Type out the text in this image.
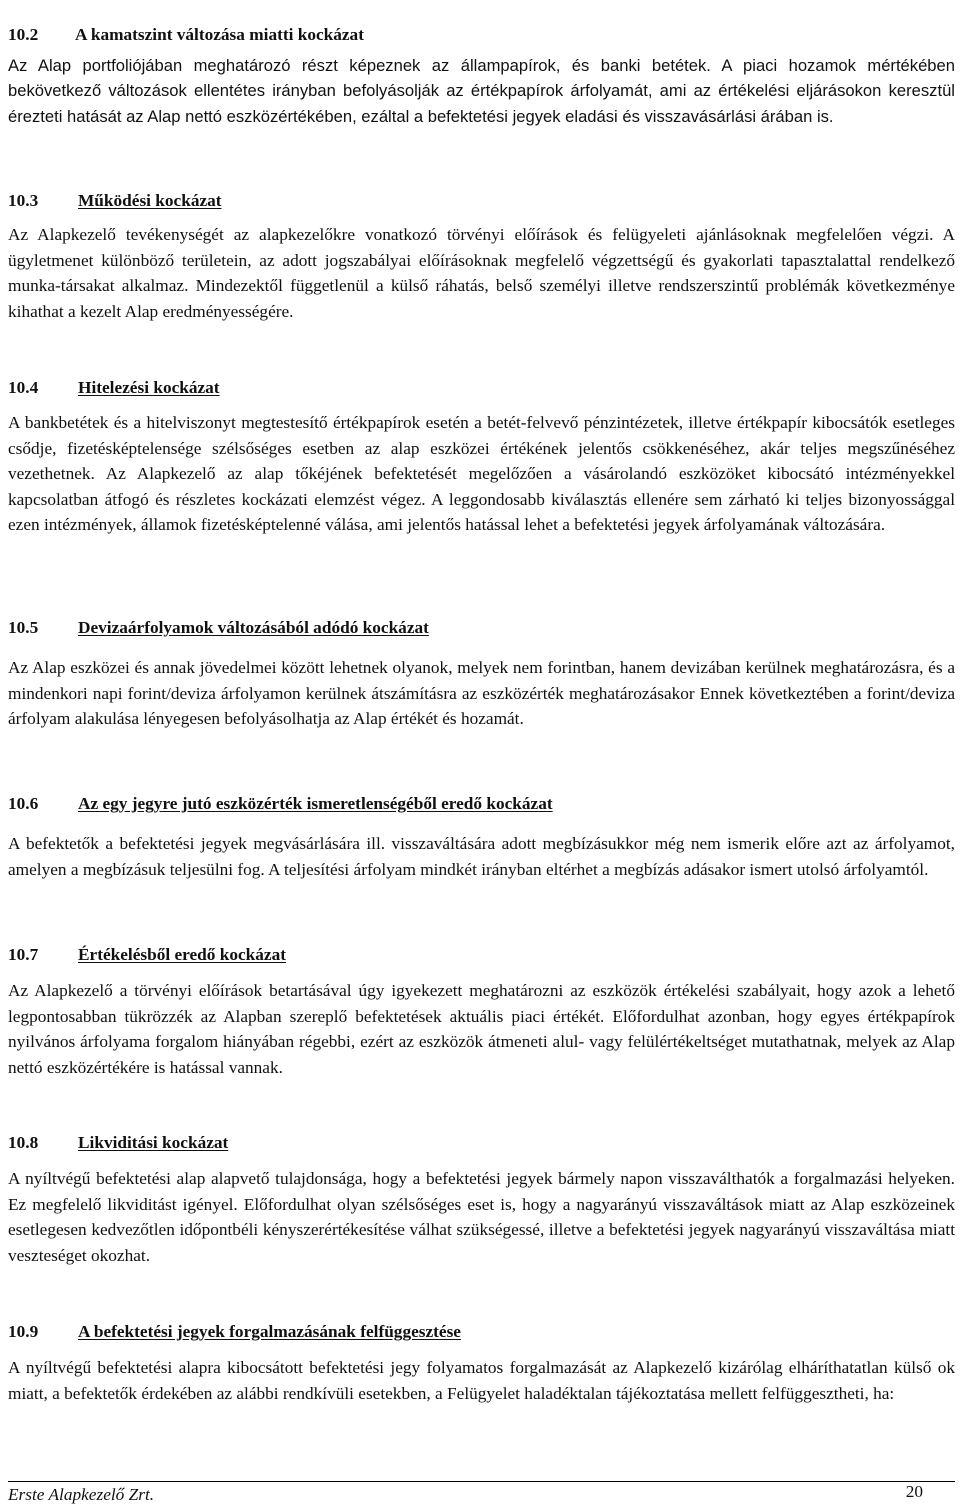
10.2 A kamatszint változása miatti kockázat

Az Alap portfoliójában meghatározó részt képeznek az állampapírok, és banki betétek. A piaci hozamok mértékében bekövetkező változások ellentétes irányban befolyásolják az értékpapírok árfolyamát, ami az értékelési eljárásokon keresztül érezteti hatását az Alap nettó eszközértékében, ezáltal a befektetési jegyek eladási és visszavásárlási árában is.

10.3 Működési kockázat

Az Alapkezelő tevékenységét az alapkezelőkre vonatkozó törvényi előírások és felügyeleti ajánlásoknak megfelelően végzi. A ügyletmenet különböző területein, az adott jogszabályai előírásoknak megfelelő végzettségű és gyakorlati tapasztalattal rendelkező munka-társakat alkalmaz. Mindezektől függetlenül a külső ráhatás, belső személyi illetve rendszerszintű problémák következménye kihathat a kezelt Alap eredményességére.

10.4 Hitelezési kockázat

A bankbetétek és a hitelviszonyt megtestesítő értékpapírok esetén a betét-felvevő pénzintézetek, illetve értékpapír kibocsátók esetleges csődje, fizetésképtelensége szélsőséges esetben az alap eszközei értékének jelentős csökkenéséhez, akár teljes megszűnéséhez vezethetnek. Az Alapkezelő az alap tőkéjének befektetését megelőzően a vásárolandó eszközöket kibocsátó intézményekkel kapcsolatban átfogó és részletes kockázati elemzést végez. A leggondosabb kiválasztás ellenére sem zárható ki teljes bizonyossággal ezen intézmények, államok fizetésképtelenné válása, ami jelentős hatással lehet a befektetési jegyek árfolyamának változására.

10.5 Devizaárfolyamok változásából adódó kockázat

Az Alap eszközei és annak jövedelmei között lehetnek olyanok, melyek nem forintban, hanem devizában kerülnek meghatározásra, és a mindenkori napi forint/deviza árfolyamon kerülnek átszámításra az eszközérték meghatározásakor Ennek következtében a forint/deviza árfolyam alakulása lényegesen befolyásolhatja az Alap értékét és hozamát.

10.6 Az egy jegyre jutó eszközérték ismeretlenségéből eredő kockázat

A befektetők a befektetési jegyek megvásárlására ill. visszaváltására adott megbízásukkor még nem ismerik előre azt az árfolyamot, amelyen a megbízásuk teljesülni fog. A teljesítési árfolyam mindkét irányban eltérhet a megbízás adásakor ismert utolsó árfolyamtól.

10.7 Értékelésből eredő kockázat

Az Alapkezelő a törvényi előírások betartásával úgy igyekezett meghatározni az eszközök értékelési szabályait, hogy azok a lehető legpontosabban tükrözzék az Alapban szereplő befektetések aktuális piaci értékét. Előfordulhat azonban, hogy egyes értékpapírok nyilvános árfolyama forgalom hiányában régebbi, ezért az eszközök átmeneti alul- vagy felülértékeltséget mutathatnak, melyek az Alap nettó eszközértékére is hatással vannak.

10.8 Likviditási kockázat

A nyíltvégű befektetési alap alapvető tulajdonsága, hogy a befektetési jegyek bármely napon visszaválthatók a forgalmazási helyeken. Ez megfelelő likviditást igényel. Előfordulhat olyan szélsőséges eset is, hogy a nagyarányú visszaváltások miatt az Alap eszközeinek esetlegesen kedvezőtlen időpontbéli kényszerértékesítése válhat szükségessé, illetve a befektetési jegyek nagyarányú visszaváltása miatt veszteséget okozhat.

10.9 A befektetési jegyek forgalmazásának felfüggesztése

A nyíltvégű befektetési alapra kibocsátott befektetési jegy folyamatos forgalmazását az Alapkezelő kizárólag elháríthatatlan külső ok miatt, a befektetők érdekében az alábbi rendkívüli esetekben, a Felügyelet haladéktalan tájékoztatása mellett felfüggesztheti, ha:

Erste Alapkezelő Zrt.	20
